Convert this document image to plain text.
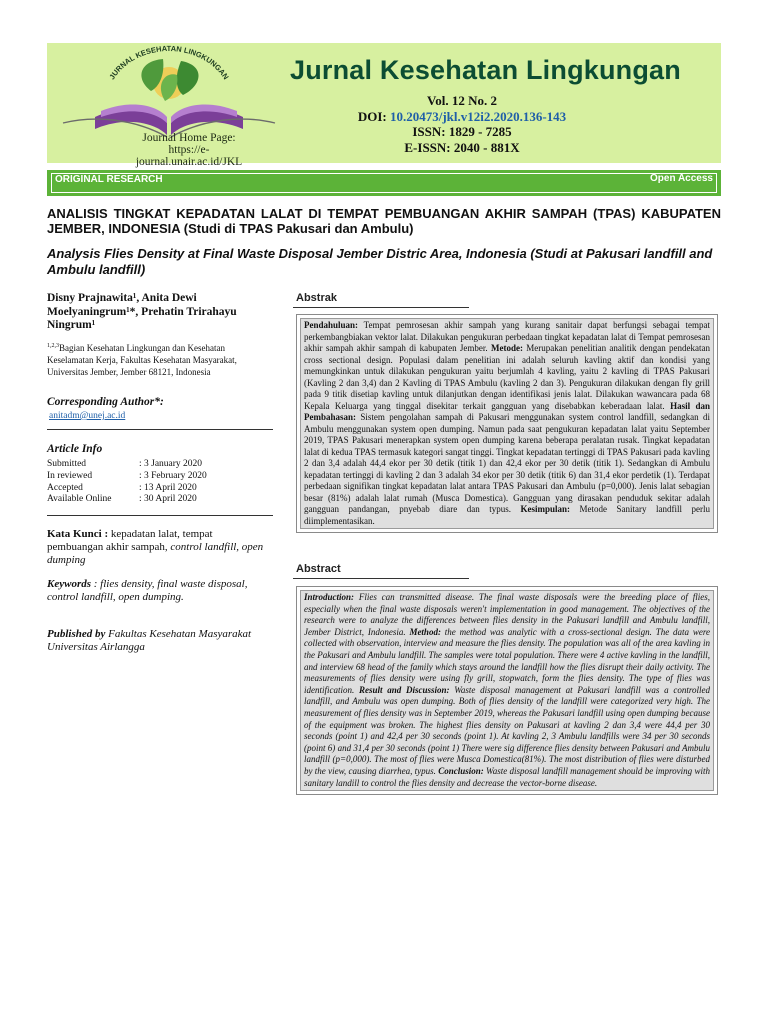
JURNAL KESEHATAN LINGKUNGAN
Journal Home Page:
https://e-journal.unair.ac.id/JKL
Jurnal Kesehatan Lingkungan
Vol. 12 No. 2
DOI: 10.20473/jkl.v12i2.2020.136-143
ISSN: 1829 - 7285
E-ISSN: 2040 - 881X
ORIGINAL RESEARCH	Open Access
ANALISIS TINGKAT KEPADATAN LALAT DI TEMPAT PEMBUANGAN AKHIR SAMPAH (TPAS) KABUPATEN JEMBER, INDONESIA (Studi di TPAS Pakusari dan Ambulu)
Analysis Flies Density at Final Waste Disposal Jember Distric Area, Indonesia (Studi at Pakusari landfill and Ambulu landfill)
Disny Prajnawita¹, Anita Dewi Moelyaningrum¹*, Prehatin Trirahayu Ningrum¹
$^{1,2,3}$Bagian Kesehatan Lingkungan dan Kesehatan Keselamatan Kerja, Fakultas Kesehatan Masyarakat, Universitas Jember, Jember 68121, Indonesia
Corresponding Author*:
anitadm@unej.ac.id
Article Info
Submitted	: 3 January 2020
In reviewed	: 3 February 2020
Accepted	: 13 April 2020
Available Online	: 30 April 2020
Kata Kunci : kepadatan lalat, tempat pembuangan akhir sampah, control landfill, open dumping
Keywords : flies density, final waste disposal, control landfill, open dumping.
Published by Fakultas Kesehatan Masyarakat Universitas Airlangga
Abstrak
Pendahuluan: Tempat pemrosesan akhir sampah yang kurang sanitair dapat berfungsi sebagai tempat perkembangbiakan vektor lalat. Dilakukan pengukuran perbedaan tingkat kepadatan lalat di Tempat pemrosesan akhir sampah akhir sampah di kabupaten Jember. Metode: Merupakan penelitian analitik dengan pendekatan cross sectional design. Populasi dalam penelitian ini adalah seluruh kavling aktif dan kondisi yang memungkinkan untuk dilakukan pengukuran yaitu berjumlah 4 kavling, yaitu 2 kavling di TPAS Pakusari (Kavling 2 dan 3,4) dan 2 Kavling di TPAS Ambulu (kavling 2 dan 3). Pengukuran dilakukan dengan fly grill pada 9 titik disetiap kavling untuk dilanjutkan dengan identifikasi jenis lalat. Dilakukan wawancara pada 68 Kepala Keluarga yang tinggal disekitar terkait gangguan yang disebabkan keberadaan lalat. Hasil dan Pembahasan: Sistem pengolahan sampah di Pakusari menggunakan system control landfill, sedangkan di Ambulu menggunakan system open dumping. Namun pada saat pengukuran kepadatan lalat yaitu September 2019, TPAS Pakusari menerapkan system open dumping karena beberapa peralatan rusak. Tingkat kepadatan lalat di kedua TPAS termasuk kategori sangat tinggi. Tingkat kepadatan tertinggi di TPAS Pakusari pada kavling 2 dan 3,4 adalah 44,4 ekor per 30 detik (titik 1) dan 42,4 ekor per 30 detik (titik 1). Sedangkan di Ambulu kepadatan tertinggi di kavling 2 dan 3 adalah 34 ekor per 30 detik (titik 6) dan 31,4 ekor perdetik (1). Terdapat perbedaan signifikan tingkat kepadatan lalat antara TPAS Pakusari dan Ambulu (p=0,000). Jenis lalat sebagian besar (81%) adalah lalat rumah (Musca Domestica). Gangguan yang dirasakan penduduk sekitar adalah gangguan pandangan, pnyebab diare dan typus. Kesimpulan: Metode Sanitary landfill perlu diimplementasikan.
Abstract
Introduction: Flies can transmitted disease. The final waste disposals were the breeding place of flies, especially when the final waste disposals weren't implementation in good management. The objectives of the research were to analyze the differences between flies density in the Pakusari landfill and Ambulu landfill, Jember District, Indonesia. Method: the method was analytic with a cross-sectional design. The data were collected with observation, interview and measure the flies density. The population was all of the area kavling in the Pakusari and Ambulu landfill. The samples were total population. There were 4 active kavling in the landfill, and interview 68 head of the family which stays around the landfill how the flies disrupt their daily activity. The measurements of flies density were using fly grill, stopwatch, form the flies density. The type of flies was identification. Result and Discussion: Waste disposal management at Pakusari landfill was a controlled landfill, and Ambulu was open dumping. Both of flies density of the landfill were categorized very high. The measurement of flies density was in September 2019, whereas the Pakusari landfill using open dumping because of the equipment was broken. The highest flies density on Pakusari at kavling 2 dan 3,4 were 44,4 per 30 seconds (point 1) and 42,4 per 30 seconds (point 1). At kavling 2, 3 Ambulu landfills were 34 per 30 seconds (point 6) and 31,4 per 30 seconds (point 1) There were sig difference flies density between Pakusari and Ambulu landfill (p=0,000). The most of flies were Musca Domestica(81%). The most distribution of flies were disturbed by the view, causing diarrhea, typus. Conclusion: Waste disposal landfill management should be improving with sanitary landill to control the flies density and decrease the vector-borne disease.
